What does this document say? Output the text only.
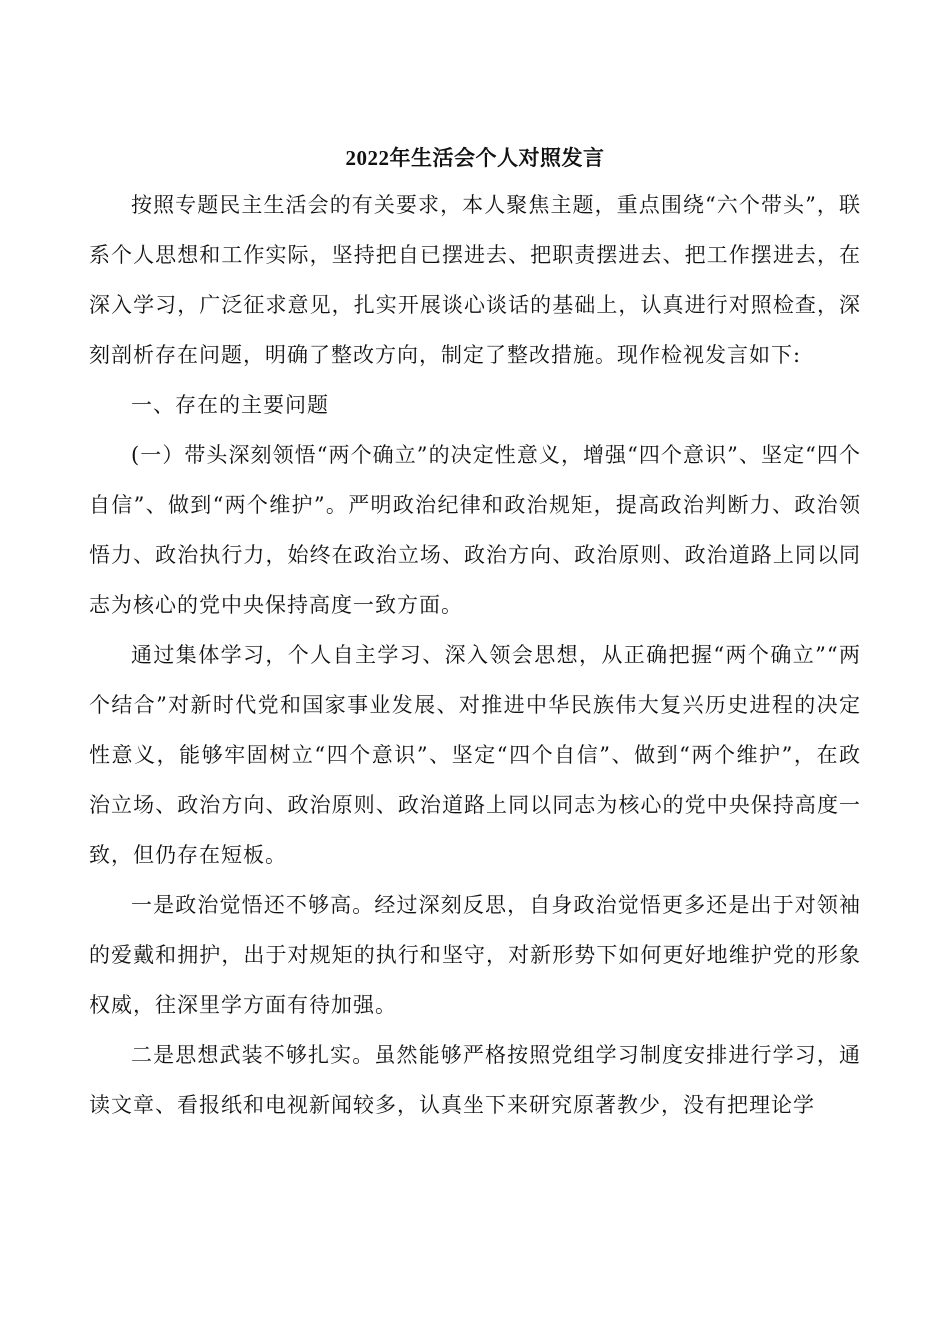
2022年生活会个人对照发言

按照专题民主生活会的有关要求，本人聚焦主题，重点围绕“六个带头”，联系个人思想和工作实际，坚持把自已摆进去、把职责摆进去、把工作摆进去，在深入学习，广泛征求意见，扎实开展谈心谈话的基础上，认真进行对照检查，深刻剖析存在问题，明确了整改方向，制定了整改措施。现作检视发言如下:

一、存在的主要问题

(一）带头深刻领悟“两个确立”的决定性意义，增强“四个意识”、坚定“四个自信”、做到“两个维护”。严明政治纪律和政治规矩，提高政治判断力、政治领悟力、政治执行力，始终在政治立场、政治方向、政治原则、政治道路上同以同志为核心的党中央保持高度一致方面。

通过集体学习，个人自主学习、深入领会思想，从正确把握“两个确立”“两个结合”对新时代党和国家事业发展、对推进中华民族伟大复兴历史进程的决定性意义，能够牢固树立“四个意识”、坚定“四个自信”、做到“两个维护”，在政治立场、政治方向、政治原则、政治道路上同以同志为核心的党中央保持高度一致，但仍存在短板。

一是政治觉悟还不够高。经过深刻反思，自身政治觉悟更多还是出于对领袖的爱戴和拥护，出于对规矩的执行和坚守，对新形势下如何更好地维护党的形象权威，往深里学方面有待加强。

二是思想武装不够扎实。虽然能够严格按照党组学习制度安排进行学习，通读文章、看报纸和电视新闻较多，认真坐下来研究原著教少，没有把理论学
